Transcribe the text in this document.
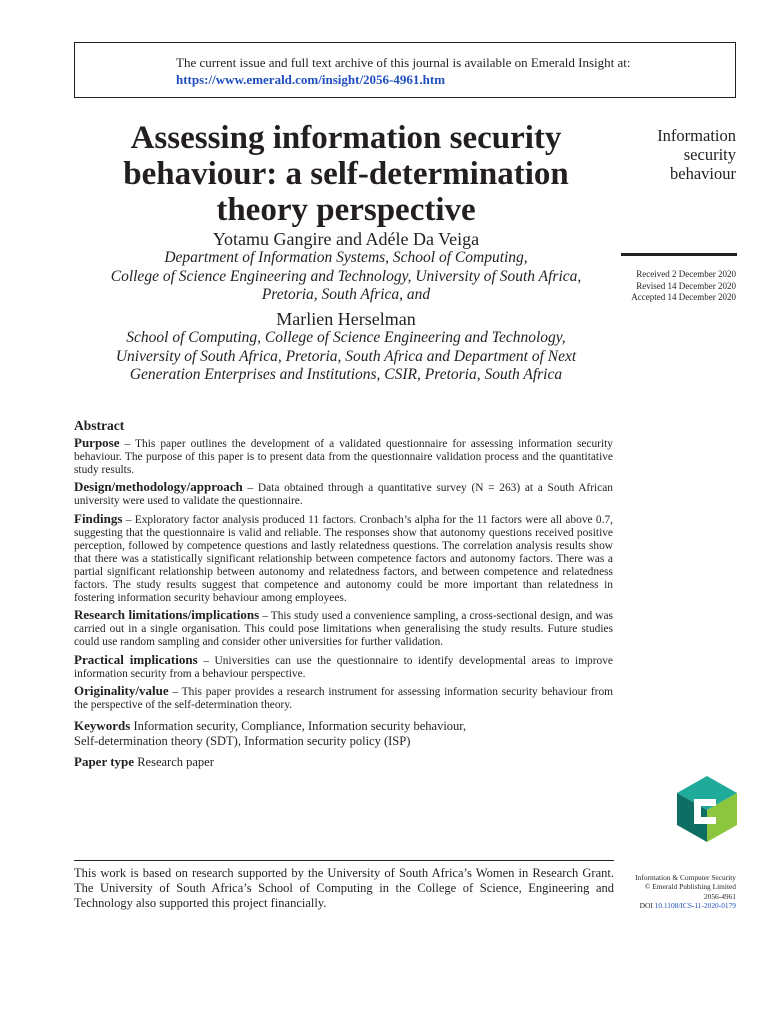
The current issue and full text archive of this journal is available on Emerald Insight at:
https://www.emerald.com/insight/2056-4961.htm
Assessing information security
behaviour: a self-determination
theory perspective
Information
security
behaviour
Received 2 December 2020
Revised 14 December 2020
Accepted 14 December 2020
Yotamu Gangire and Adéle Da Veiga
Department of Information Systems, School of Computing,
College of Science Engineering and Technology, University of South Africa,
Pretoria, South Africa, and
Marlien Herselman
School of Computing, College of Science Engineering and Technology,
University of South Africa, Pretoria, South Africa and Department of Next
Generation Enterprises and Institutions, CSIR, Pretoria, South Africa
Abstract

Purpose – This paper outlines the development of a validated questionnaire for assessing information security behaviour. The purpose of this paper is to present data from the questionnaire validation process and the quantitative study results.

Design/methodology/approach – Data obtained through a quantitative survey (N = 263) at a South African university were used to validate the questionnaire.

Findings – Exploratory factor analysis produced 11 factors. Cronbach’s alpha for the 11 factors were all above 0.7, suggesting that the questionnaire is valid and reliable. The responses show that autonomy questions received positive perception, followed by competence questions and lastly relatedness questions. The correlation analysis results show that there was a statistically significant relationship between competence factors and autonomy factors. There was a partial significant relationship between autonomy and relatedness factors, and between competence and relatedness factors. The study results suggest that competence and autonomy could be more important than relatedness in fostering information security behaviour among employees.

Research limitations/implications – This study used a convenience sampling, a cross-sectional design, and was carried out in a single organisation. This could pose limitations when generalising the study results. Future studies could use random sampling and consider other universities for further validation.

Practical implications – Universities can use the questionnaire to identify developmental areas to improve information security from a behaviour perspective.

Originality/value – This paper provides a research instrument for assessing information security behaviour from the perspective of the self-determination theory.

Keywords Information security, Compliance, Information security behaviour,
Self-determination theory (SDT), Information security policy (ISP)

Paper type Research paper

This work is based on research supported by the University of South Africa’s Women in Research Grant. The University of South Africa’s School of Computing in the College of Science, Engineering and Technology also supported this project financially.
Information & Computer Security
© Emerald Publishing Limited
2056-4961
DOI 10.1108/ICS-11-2020-0179
